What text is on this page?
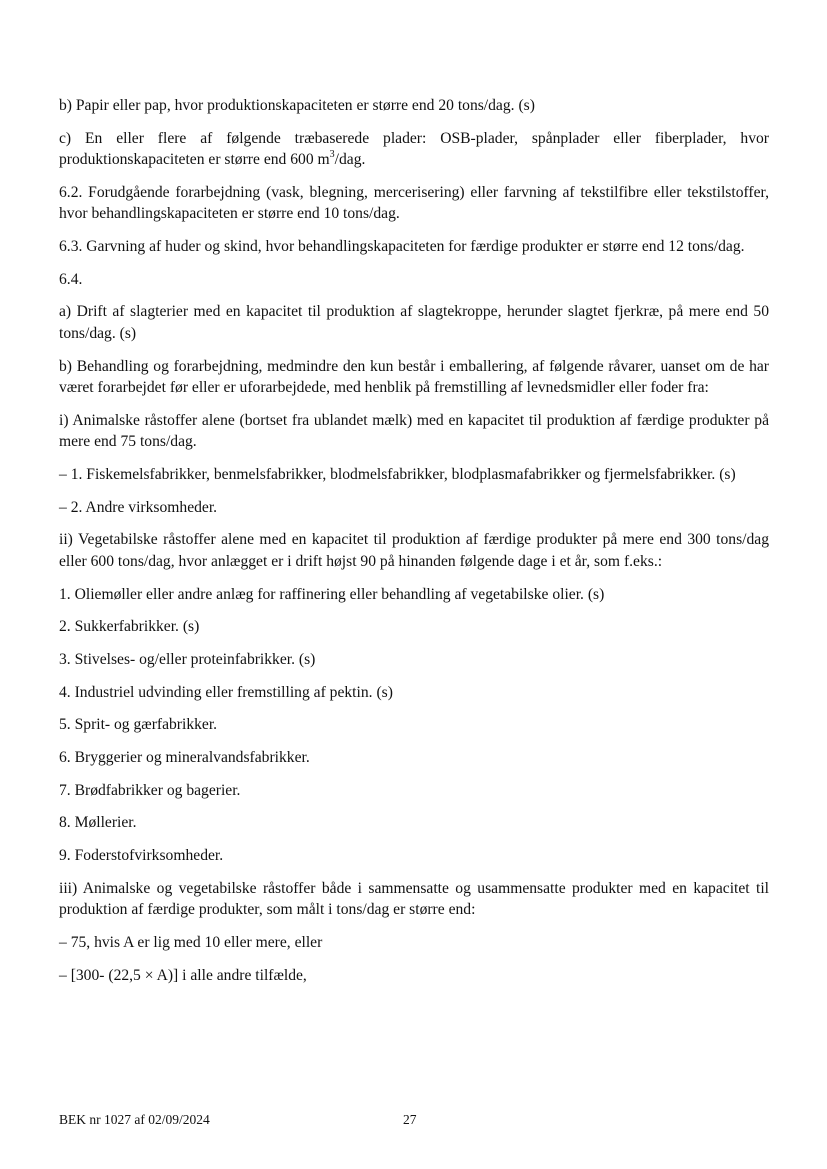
b) Papir eller pap, hvor produktionskapaciteten er større end 20 tons/dag. (s)

c) En eller flere af følgende træbaserede plader: OSB-plader, spånplader eller fiberplader, hvor produktionskapaciteten er større end 600 $m^3$/dag.

6.2. Forudgående forarbejdning (vask, blegning, mercerisering) eller farvning af tekstilfibre eller tekstilstoffer, hvor behandlingskapaciteten er større end 10 tons/dag.

6.3. Garvning af huder og skind, hvor behandlingskapaciteten for færdige produkter er større end 12 tons/dag.

6.4.

a) Drift af slagterier med en kapacitet til produktion af slagtekroppe, herunder slagtet fjerkræ, på mere end 50 tons/dag. (s)

b) Behandling og forarbejdning, medmindre den kun består i emballering, af følgende råvarer, uanset om de har været forarbejdet før eller er uforarbejdede, med henblik på fremstilling af levnedsmidler eller foder fra:

i) Animalske råstoffer alene (bortset fra ublandet mælk) med en kapacitet til produktion af færdige produkter på mere end 75 tons/dag.

– 1. Fiskemelsfabrikker, benmelsfabrikker, blodmelsfabrikker, blodplasmafabrikker og fjermelsfabrikker. (s)

– 2. Andre virksomheder.

ii) Vegetabilske råstoffer alene med en kapacitet til produktion af færdige produkter på mere end 300 tons/dag eller 600 tons/dag, hvor anlægget er i drift højst 90 på hinanden følgende dage i et år, som f.eks.:

1. Oliemøller eller andre anlæg for raffinering eller behandling af vegetabilske olier. (s)

2. Sukkerfabrikker. (s)

3. Stivelses- og/eller proteinfabrikker. (s)

4. Industriel udvinding eller fremstilling af pektin. (s)

5. Sprit- og gærfabrikker.

6. Bryggerier og mineralvandsfabrikker.

7. Brødfabrikker og bagerier.

8. Møllerier.

9. Foderstofvirksomheder.

iii) Animalske og vegetabilske råstoffer både i sammensatte og usammensatte produkter med en kapacitet til produktion af færdige produkter, som målt i tons/dag er større end:

– 75, hvis A er lig med 10 eller mere, eller

– [300- (22,5 × A)] i alle andre tilfælde,

BEK nr 1027 af 02/09/2024	27
